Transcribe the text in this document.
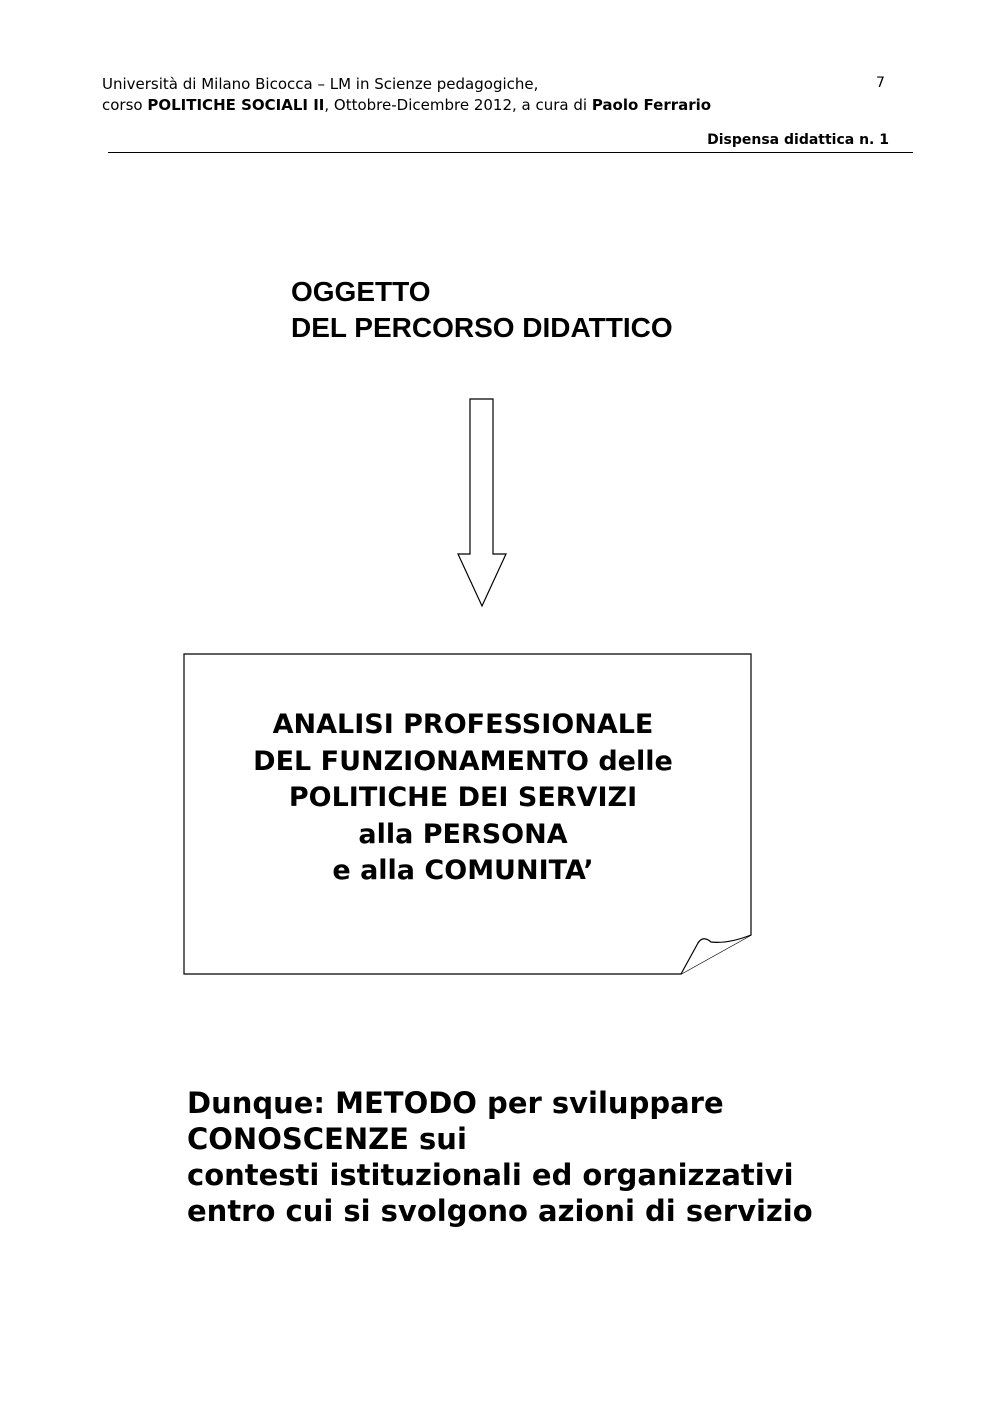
Università di Milano Bicocca – LM in Scienze pedagogiche,
corso POLITICHE SOCIALI II, Ottobre-Dicembre 2012, a cura di Paolo Ferrario
7
Dispensa didattica n. 1
OGGETTO
DEL PERCORSO DIDATTICO
ANALISI PROFESSIONALE
DEL FUNZIONAMENTO delle
POLITICHE DEI SERVIZI
alla PERSONA
e alla COMUNITA’
Dunque: METODO per sviluppare
CONOSCENZE sui
contesti istituzionali ed organizzativi
entro cui si svolgono azioni di servizio
